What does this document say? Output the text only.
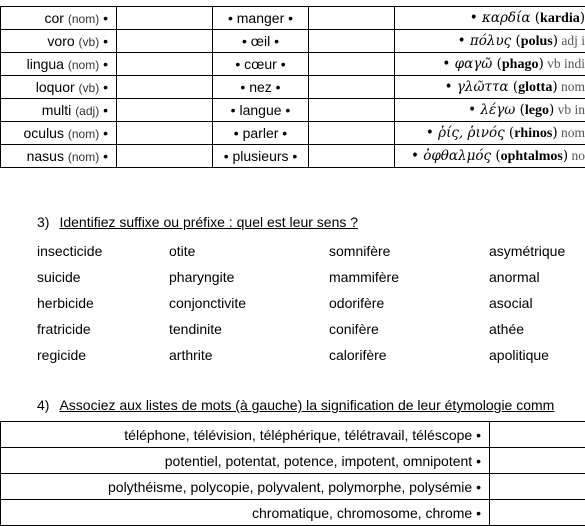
cor (nom) •		• manger •		• καρδία (kardia)
voro (vb) •		• œil •		• πόλυς (polus) adj i
lingua (nom) •		• cœur •		• φαγῶ (phago) vb indi
loquor (vb) •		• nez •		• γλῶττα (glotta) nom
multi (adj) •		• langue •		• λέγω (lego) vb in
oculus (nom) •		• parler •		• ῥίς, ῥινός (rhinos) nom
nasus (nom) •		• plusieurs •		• ὀφθαλμός (ophtalmos) no
3) Identifiez suffixe ou préfixe : quel est leur sens ?
insecticide	otite	somnifère	asymétrique
suicide	pharyngite	mammifère	anormal
herbicide	conjonctivite	odorifère	asocial
fratricide	tendinite	conifère	athée
regicide	arthrite	calorifère	apolitique
4) Associez aux listes de mots (à gauche) la signification de leur étymologie comm
téléphone, télévision, téléphérique, télétravail, téléscope •	
potentiel, potentat, potence, impotent, omnipotent •	
polythéisme, polycopie, polyvalent, polymorphe, polysémie •	
chromatique, chromosome, chrome •	
